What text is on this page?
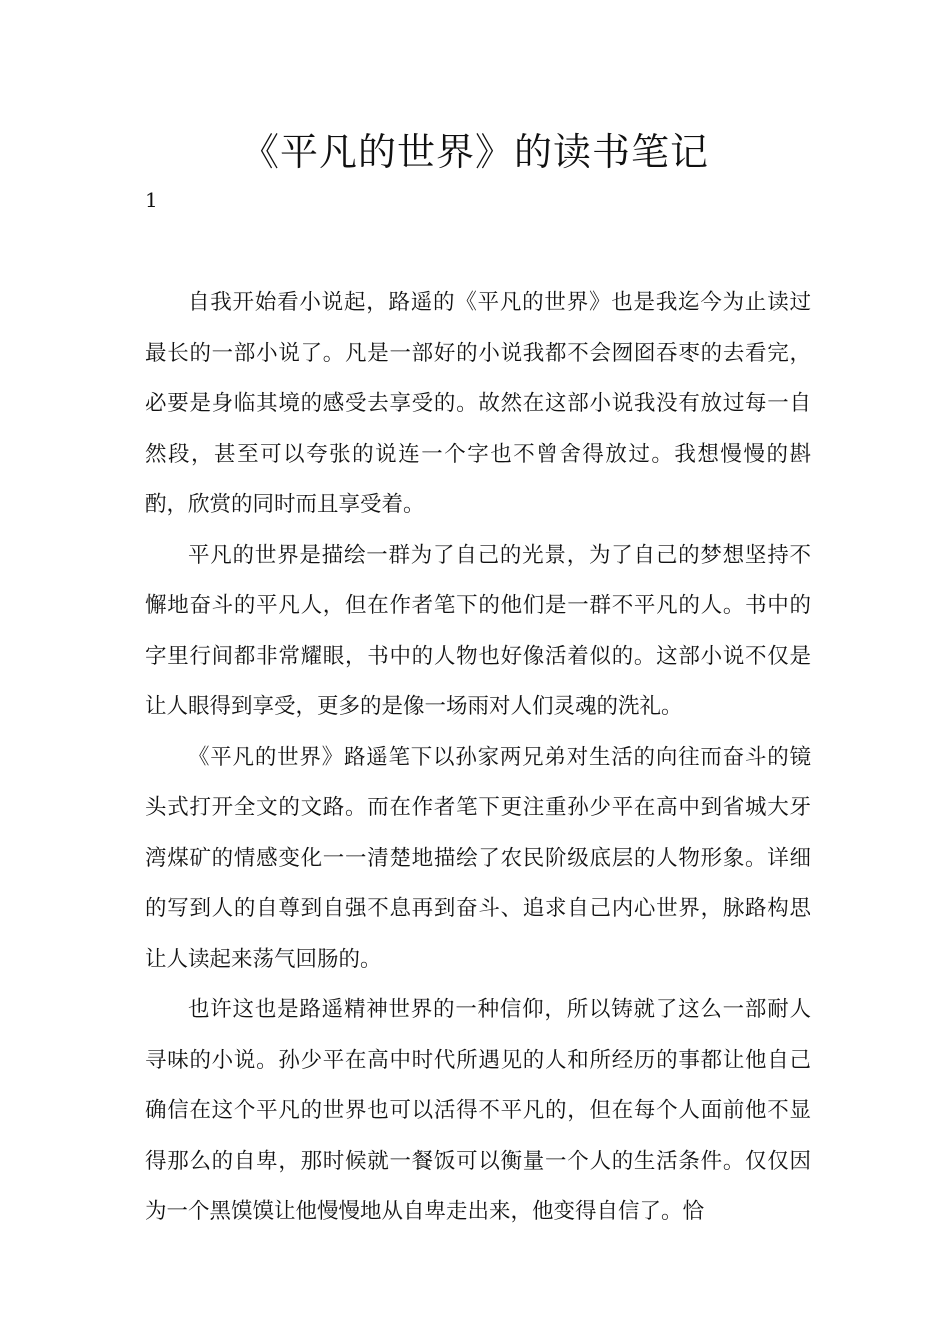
《平凡的世界》的读书笔记
1

自我开始看小说起，路遥的《平凡的世界》也是我迄今为止读过最长的一部小说了。凡是一部好的小说我都不会囫囵吞枣的去看完，必要是身临其境的感受去享受的。故然在这部小说我没有放过每一自然段，甚至可以夸张的说连一个字也不曾舍得放过。我想慢慢的斟酌，欣赏的同时而且享受着。

平凡的世界是描绘一群为了自己的光景，为了自己的梦想坚持不懈地奋斗的平凡人，但在作者笔下的他们是一群不平凡的人。书中的字里行间都非常耀眼，书中的人物也好像活着似的。这部小说不仅是让人眼得到享受，更多的是像一场雨对人们灵魂的洗礼。

《平凡的世界》路遥笔下以孙家两兄弟对生活的向往而奋斗的镜头式打开全文的文路。而在作者笔下更注重孙少平在高中到省城大牙湾煤矿的情感变化一一清楚地描绘了农民阶级底层的人物形象。详细的写到人的自尊到自强不息再到奋斗、追求自己内心世界，脉路构思让人读起来荡气回肠的。

也许这也是路遥精神世界的一种信仰，所以铸就了这么一部耐人寻味的小说。孙少平在高中时代所遇见的人和所经历的事都让他自己确信在这个平凡的世界也可以活得不平凡的，但在每个人面前他不显得那么的自卑，那时候就一餐饭可以衡量一个人的生活条件。仅仅因为一个黑馍馍让他慢慢地从自卑走出来，他变得自信了。恰
